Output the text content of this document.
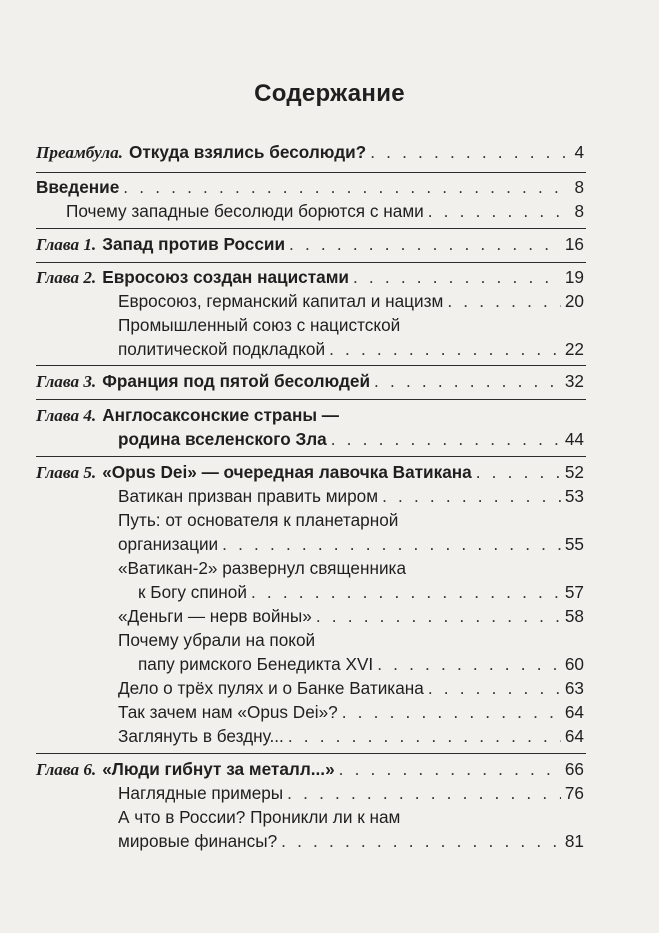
Содержание
Преамбула. Откуда взялись бесолюди? . . .	4
Введение . . .	8
Почему западные бесолюди борются с нами . . .	8
Глава 1. Запад против России . . .	16
Глава 2. Евросоюз создан нацистами . . .	19
Евросоюз, германский капитал и нацизм . . .	20
Промышленный союз с нацистской
политической подкладкой . . .	22
Глава 3. Франция под пятой бесолюдей . . .	32
Глава 4. Англосаксонские страны —
родина вселенского Зла . . .	44
Глава 5. «Opus Dei» — очередная лавочка Ватикана . . .	52
Ватикан призван править миром . . .	53
Путь: от основателя к планетарной
организации . . .	55
«Ватикан-2» развернул священника
к Богу спиной . . .	57
«Деньги — нерв войны» . . .	58
Почему убрали на покой
папу римского Бенедикта XVI . . .	60
Дело о трёх пулях и о Банке Ватикана . . .	63
Так зачем нам «Opus Dei»? . . .	64
Заглянуть в бездну... . . .	64
Глава 6. «Люди гибнут за металл...» . . .	66
Наглядные примеры . . .	76
А что в России? Проникли ли к нам
мировые финансы? . . .	81
